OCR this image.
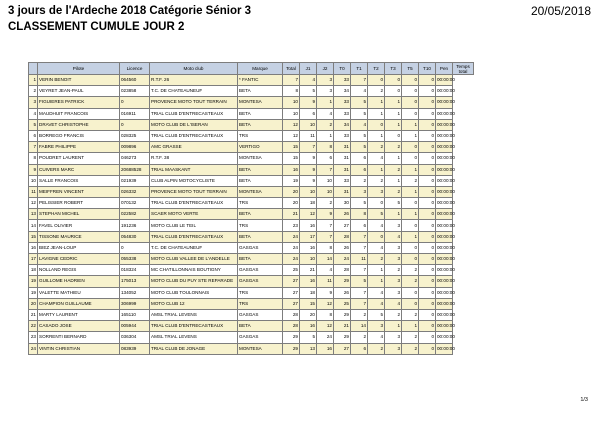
3 jours de l'Ardeche 2018 Catégorie Sénior 3	20/05/2018
CLASSEMENT CUMULE JOUR 2
	Pilote	Licence	Moto club	Marque	Total	J1	J2	T0	T1	T2	T3	T5	T10	Pen	Temps total
1	VERIN BENOIT	064560	R.T.F. 26	* FANTIC	7	4	3	33	7	0	0	0	0	00:00:00	
2	VEYRET JEAN-PAUL	023858	T.C. DE CHATEAUNEUF	BETA	8	5	3	34	4	2	0	0	0	00:00:00	
3	FIGUIERES PATRICK	0	PROVENCE MOTO TOUT TERRAIN	MONTESA	10	9	1	33	5	1	1	0	0	00:00:00	
4	MAUDHUIT FRANCOIS	016911	TRIAL CLUB D'ENTRECASTEAUX	BETA	10	6	4	33	5	1	1	0	0	00:00:00	
5	DRAVET CHRISTOPHE	0	MOTO CLUB DE L'ISERAN	BETA	12	10	2	34	4	0	1	1	0	00:00:00	
6	BORREGO FRANCIS	028325	TRIAL CLUB D'ENTRECASTEAUX	TRS	12	11	1	33	5	1	0	1	0	00:00:00	
7	FABRE PHILIPPE	009896	AMC GRASSE	VERTIGO	15	7	8	31	5	2	2	0	0	00:00:00	
8	POUDRET LAURENT	046273	R.T.F. 38	MONTESA	15	9	6	31	6	4	1	0	0	00:00:00	
9	CUIVERS MARC	20688528	TRIAL MAASKANT	BETA	16	9	7	31	6	1	2	1	0	00:00:00	
10	SALLE FRANCOIS	021939	CLUB ALPIN MOTOCYCLISTE	BETA	19	9	10	33	2	2	1	2	0	00:00:00	
11	MEIFFREN VINCENT	026332	PROVENCE MOTO TOUT TERRAIN	MONTESA	20	10	10	31	3	3	2	1	0	00:00:00	
12	PELISSIER ROBERT	070132	TRIAL CLUB D'ENTRECASTEAUX	TRS	20	18	2	30	5	0	5	0	0	00:00:00	
13	STEPHAN MICHEL	022582	SCAER MOTO VERTE	BETA	21	12	9	26	8	5	1	1	0	00:00:00	
14	FAVEL OLIVIER	191236	MOTO CLUB LE TEIL	TRS	23	16	7	27	6	4	3	0	0	00:00:00	
15	TISSONE MAURICE	054830	TRIAL CLUB D'ENTRECASTEAUX	BETA	24	17	7	28	7	0	4	1	0	00:00:00	
16	BIEZ JEAN-LOUP	0	T.C. DE CHATEAUNEUF	GASGAS	24	16	8	26	7	4	3	0	0	00:00:00	
17	LAVIGNE CEDRIC	055338	MOTO CLUB VALLEE DE L'ANDELLE	BETA	24	10	14	24	11	2	3	0	0	00:00:00	
18	NOLLAND REGIS	018324	MC CHATILLONNAIS BOUTIGNY	GASGAS	25	21	4	28	7	1	2	2	0	00:00:00	
19	GUILLOME HADRIEN	175013	MOTO CLUB DU PUY STE REPARADE	GASGAS	27	16	11	29	5	1	3	2	0	00:00:00	
19	VALETTE MATHIEU	134052	MOTO CLUB TOULONNAIS	TRS	27	18	9	26	7	4	3	0	0	00:00:00	
20	CHAMPION GUILLAUME	306999	MOTO CLUB 12	TRS	27	15	12	25	7	4	4	0	0	00:00:00	
21	MARTY LAURENT	165110	AMSL TRIAL LEVENS	GASGAS	28	20	8	29	2	5	2	2	0	00:00:00	
22	CASADO JOSE	005944	TRIAL CLUB D'ENTRECASTEAUX	BETA	28	16	12	21	14	3	1	1	0	00:00:00	
23	SORRENTI BERNARD	036304	AMSL TRIAL LEVENS	GASGAS	29	5	24	29	2	4	3	2	0	00:00:00	
24	VINTIN CHRISTIAN	083939	TRIAL CLUB DE JONAGE	MONTESA	29	13	16	27	6	2	3	2	0	00:00:00	
1/3
